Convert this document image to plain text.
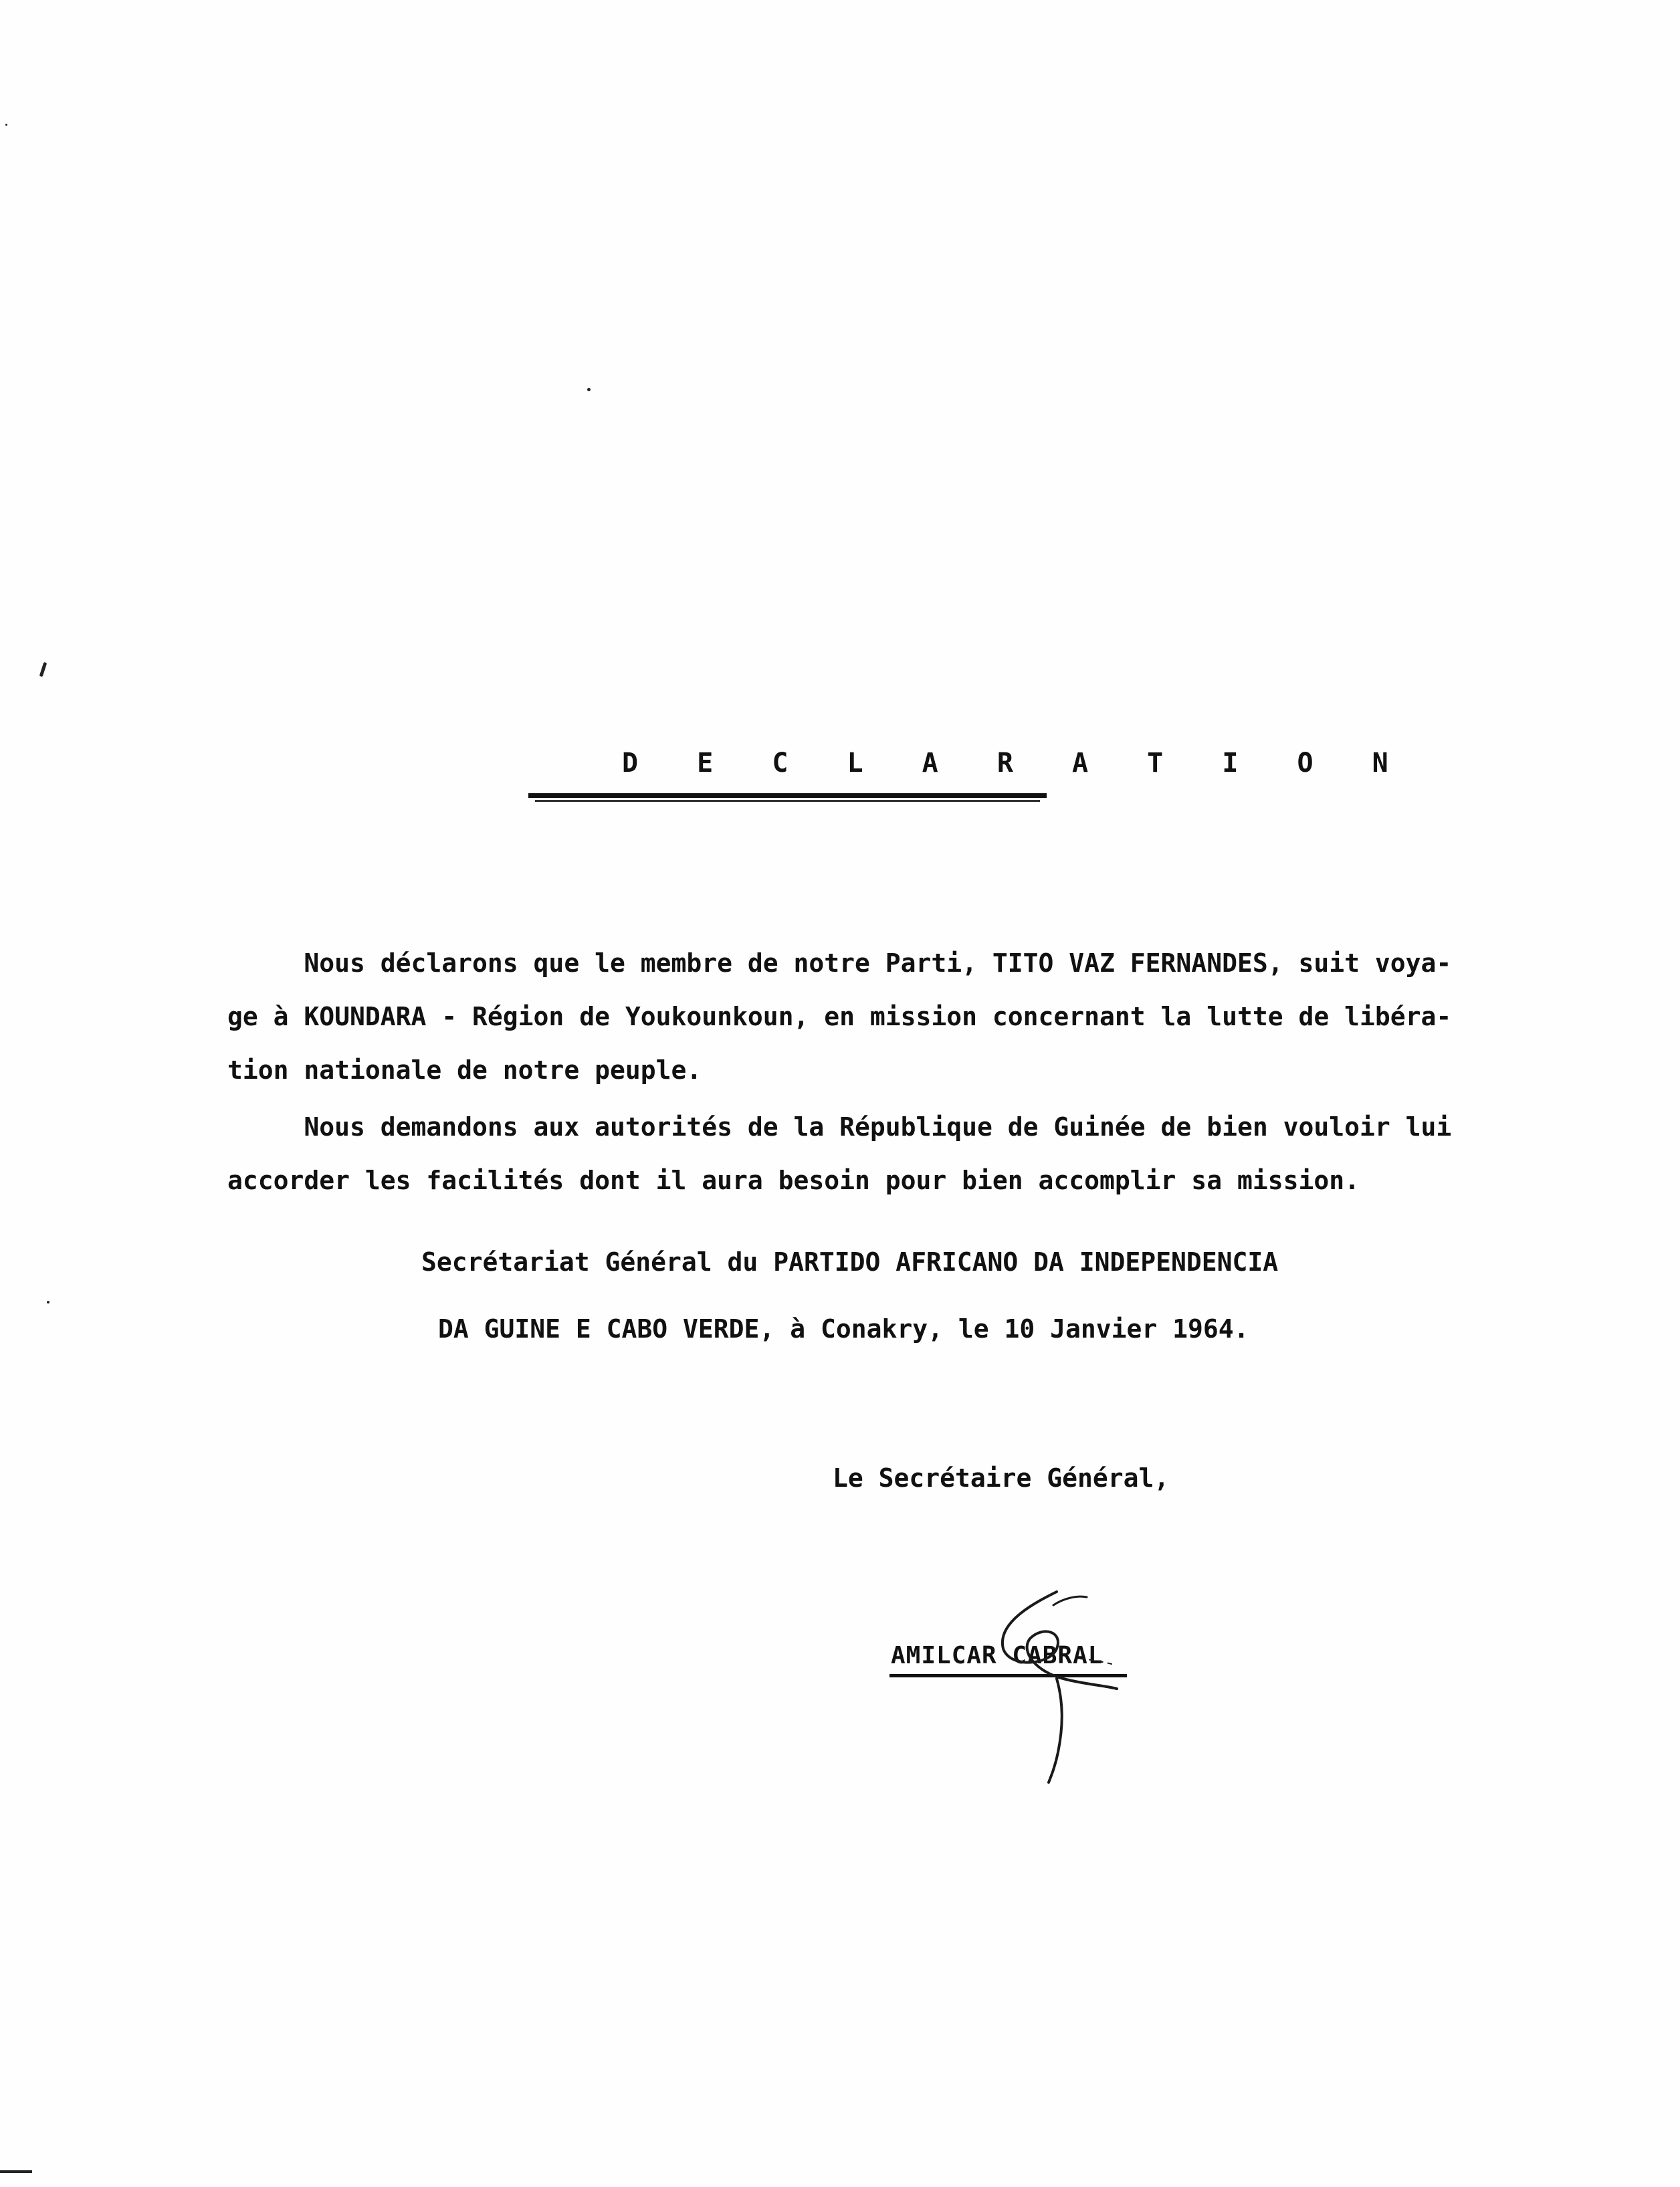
D E C L A R A T I O N
Nous déclarons que le membre de notre Parti, TITO VAZ FERNANDES, suit voya-
ge à KOUNDARA - Région de Youkounkoun, en mission concernant la lutte de libéra-
tion nationale de notre peuple.
Nous demandons aux autorités de la République de Guinée de bien vouloir lui
accorder les facilités dont il aura besoin pour bien accomplir sa mission.
Secrétariat Général du PARTIDO AFRICANO DA INDEPENDENCIA
DA GUINE E CABO VERDE, à Conakry, le 10 Janvier 1964.
Le Secrétaire Général,
AMILCAR CABRAL
